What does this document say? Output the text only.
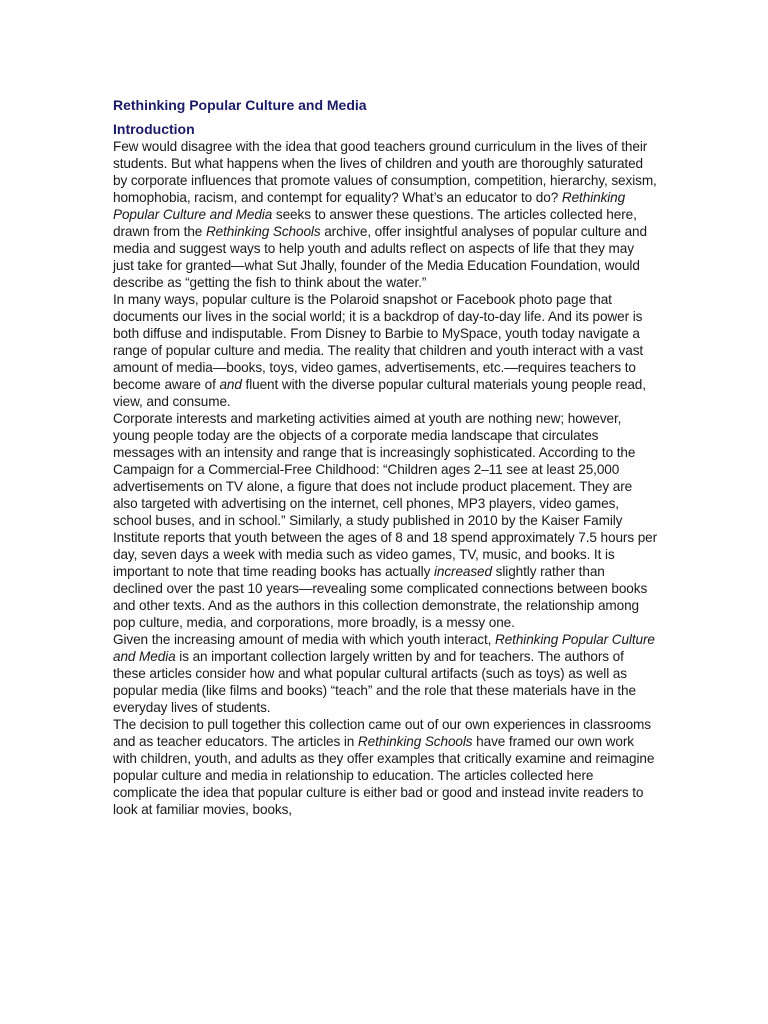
Rethinking Popular Culture and Media
Introduction

Few would disagree with the idea that good teachers ground curriculum in the lives of their students. But what happens when the lives of children and youth are thoroughly saturated by corporate influences that promote values of consumption, competition, hierarchy, sexism, homophobia, racism, and contempt for equality? What’s an educator to do? Rethinking Popular Culture and Media seeks to answer these questions. The articles collected here, drawn from the Rethinking Schools archive, offer insightful analyses of popular culture and media and suggest ways to help youth and adults reflect on aspects of life that they may just take for granted—what Sut Jhally, founder of the Media Education Foundation, would describe as “getting the fish to think about the water.”

In many ways, popular culture is the Polaroid snapshot or Facebook photo page that documents our lives in the social world; it is a backdrop of day-to-day life. And its power is both diffuse and indisputable. From Disney to Barbie to MySpace, youth today navigate a range of popular culture and media. The reality that children and youth interact with a vast amount of media—books, toys, video games, advertisements, etc.—requires teachers to become aware of and fluent with the diverse popular cultural materials young people read, view, and consume.

Corporate interests and marketing activities aimed at youth are nothing new; however, young people today are the objects of a corporate media landscape that circulates messages with an intensity and range that is increasingly sophisticated. According to the Campaign for a Commercial-Free Childhood: “Children ages 2–11 see at least 25,000 advertisements on TV alone, a figure that does not include product placement. They are also targeted with advertising on the internet, cell phones, MP3 players, video games, school buses, and in school.” Similarly, a study published in 2010 by the Kaiser Family Institute reports that youth between the ages of 8 and 18 spend approximately 7.5 hours per day, seven days a week with media such as video games, TV, music, and books. It is important to note that time reading books has actually increased slightly rather than declined over the past 10 years—revealing some complicated connections between books and other texts. And as the authors in this collection demonstrate, the relationship among pop culture, media, and corporations, more broadly, is a messy one.

Given the increasing amount of media with which youth interact, Rethinking Popular Culture and Media is an important collection largely written by and for teachers. The authors of these articles consider how and what popular cultural artifacts (such as toys) as well as popular media (like films and books) “teach” and the role that these materials have in the everyday lives of students.

The decision to pull together this collection came out of our own experiences in classrooms and as teacher educators. The articles in Rethinking Schools have framed our own work with children, youth, and adults as they offer examples that critically examine and reimagine popular culture and media in relationship to education. The articles collected here complicate the idea that popular culture is either bad or good and instead invite readers to look at familiar movies, books,
